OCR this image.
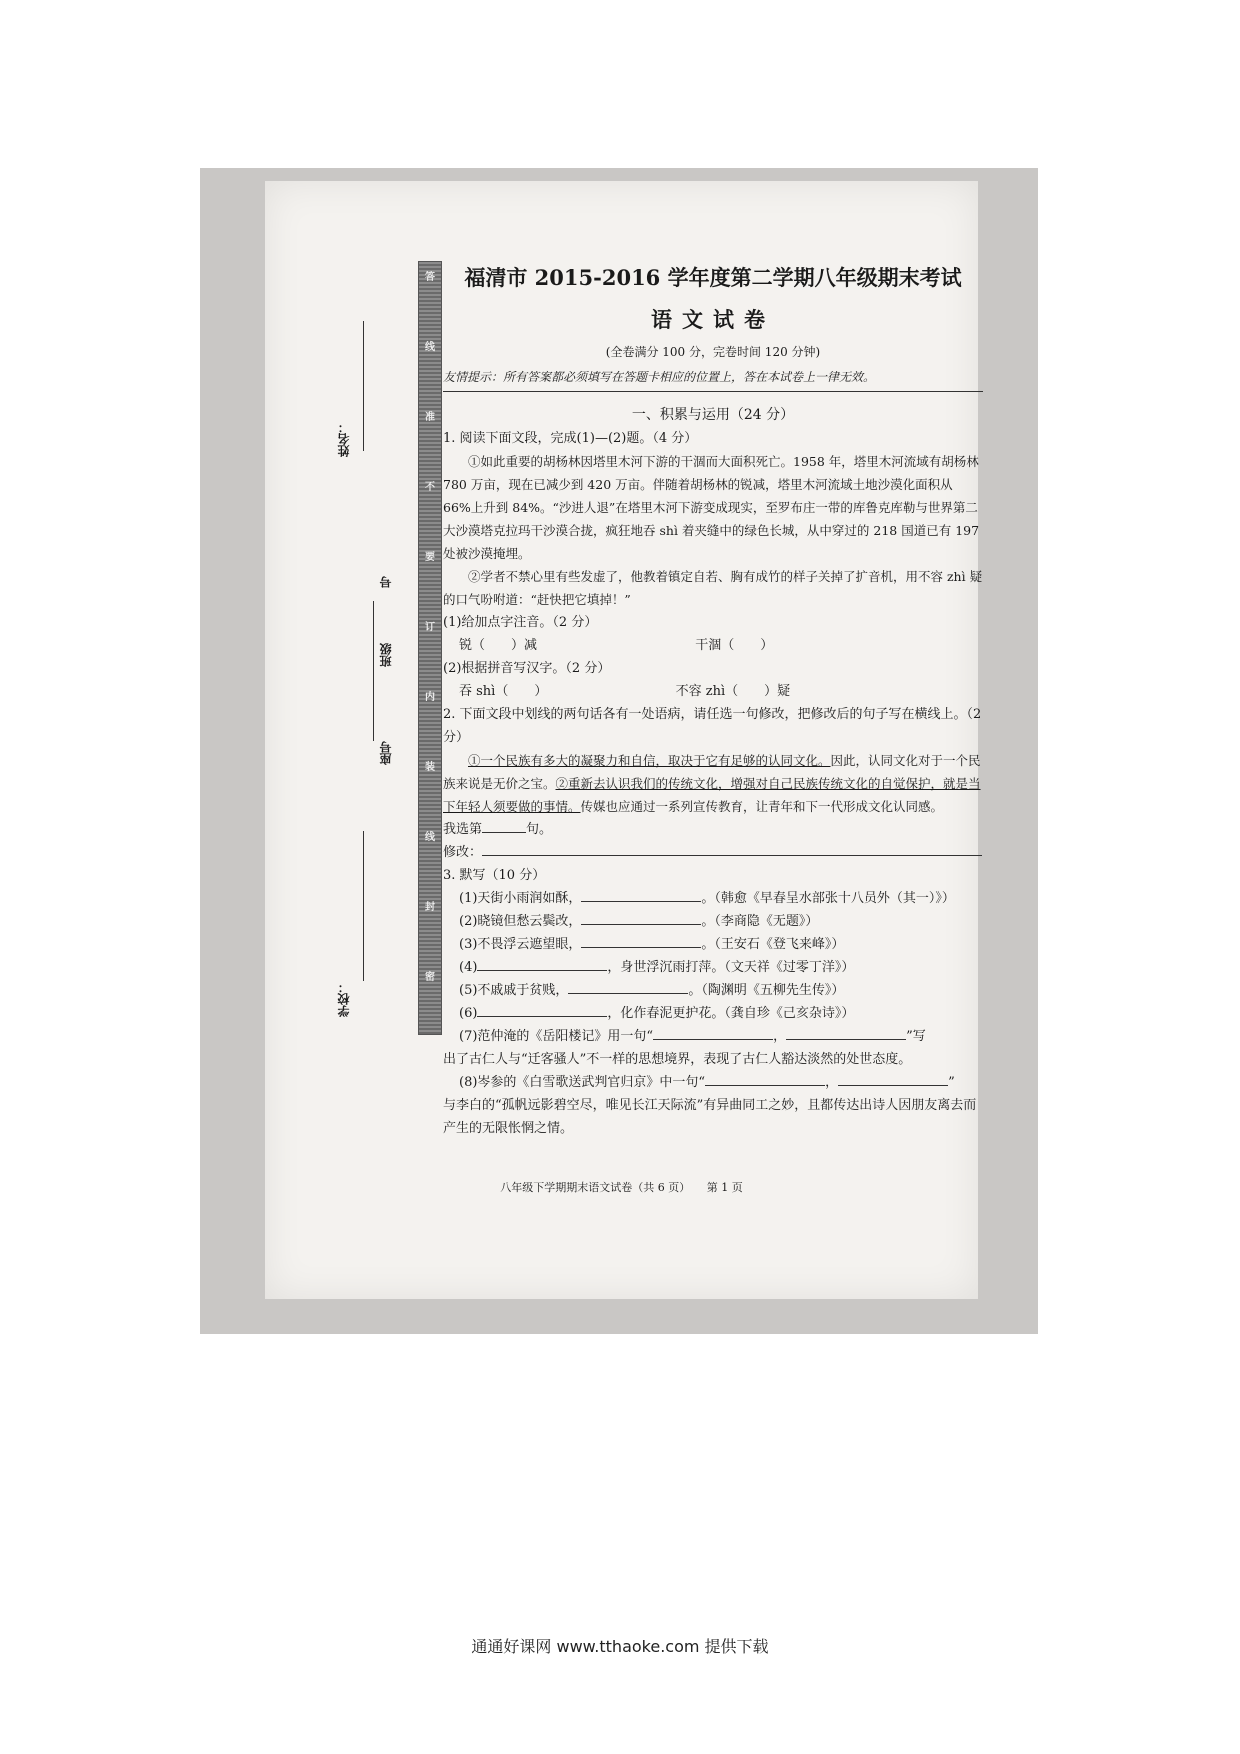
答
线
准
不
要
订
内
装
线
封
密
姓名：
号
班级
座号
学校：
福清市 2015-2016 学年度第二学期八年级期末考试
语文试卷
(全卷满分 100 分，完卷时间 120 分钟)
友情提示：所有答案都必须填写在答题卡相应的位置上，答在本试卷上一律无效。
一、积累与运用（24 分）
1. 阅读下面文段，完成(1)—(2)题。（4 分）
①如此重要的胡杨林因塔里木河下游的干涸而大面积死亡。1958 年，塔里木河流域有胡杨林 780 万亩，现在已减少到 420 万亩。伴随着胡杨林的锐减，塔里木河流域土地沙漠化面积从 66%上升到 84%。“沙进人退”在塔里木河下游变成现实，至罗布庄一带的库鲁克库勒与世界第二大沙漠塔克拉玛干沙漠合拢，疯狂地吞 shì 着夹缝中的绿色长城，从中穿过的 218 国道已有 197 处被沙漠掩埋。
②学者不禁心里有些发虚了，他教着镇定自若、胸有成竹的样子关掉了扩音机，用不容 zhì 疑的口气吩咐道：“赶快把它填掉！”
(1)给加点字注音。（2 分）
锐（　　）减	干涸（　　）
(2)根据拼音写汉字。（2 分）
吞 shì（　　）	不容 zhì（　　）疑
2. 下面文段中划线的两句话各有一处语病，请任选一句修改，把修改后的句子写在横线上。（2 分）
①一个民族有多大的凝聚力和自信，取决于它有足够的认同文化。因此，认同文化对于一个民族来说是无价之宝。②重新去认识我们的传统文化，增强对自己民族传统文化的自觉保护，就是当下年轻人须要做的事情。传媒也应通过一系列宣传教育，让青年和下一代形成文化认同感。
我选第	句。
修改：
3. 默写（10 分）
(1)天街小雨润如酥，	。（韩愈《早春呈水部张十八员外（其一）》）
(2)晓镜但愁云鬓改，	。（李商隐《无题》）
(3)不畏浮云遮望眼，	。（王安石《登飞来峰》）
(4)	，身世浮沉雨打萍。（文天祥《过零丁洋》）
(5)不戚戚于贫贱，	。（陶渊明《五柳先生传》）
(6)	，化作春泥更护花。（龚自珍《己亥杂诗》）
(7)范仲淹的《岳阳楼记》用一句“	，	”写
出了古仁人与“迁客骚人”不一样的思想境界，表现了古仁人豁达淡然的处世态度。
(8)岑参的《白雪歌送武判官归京》中一句“	，	”
与李白的“孤帆远影碧空尽，唯见长江天际流”有异曲同工之妙，且都传达出诗人因朋友离去而产生的无限怅惘之情。
八年级下学期期末语文试卷（共 6 页）　　第 1 页
通通好课网 www.tthaoke.com 提供下载
